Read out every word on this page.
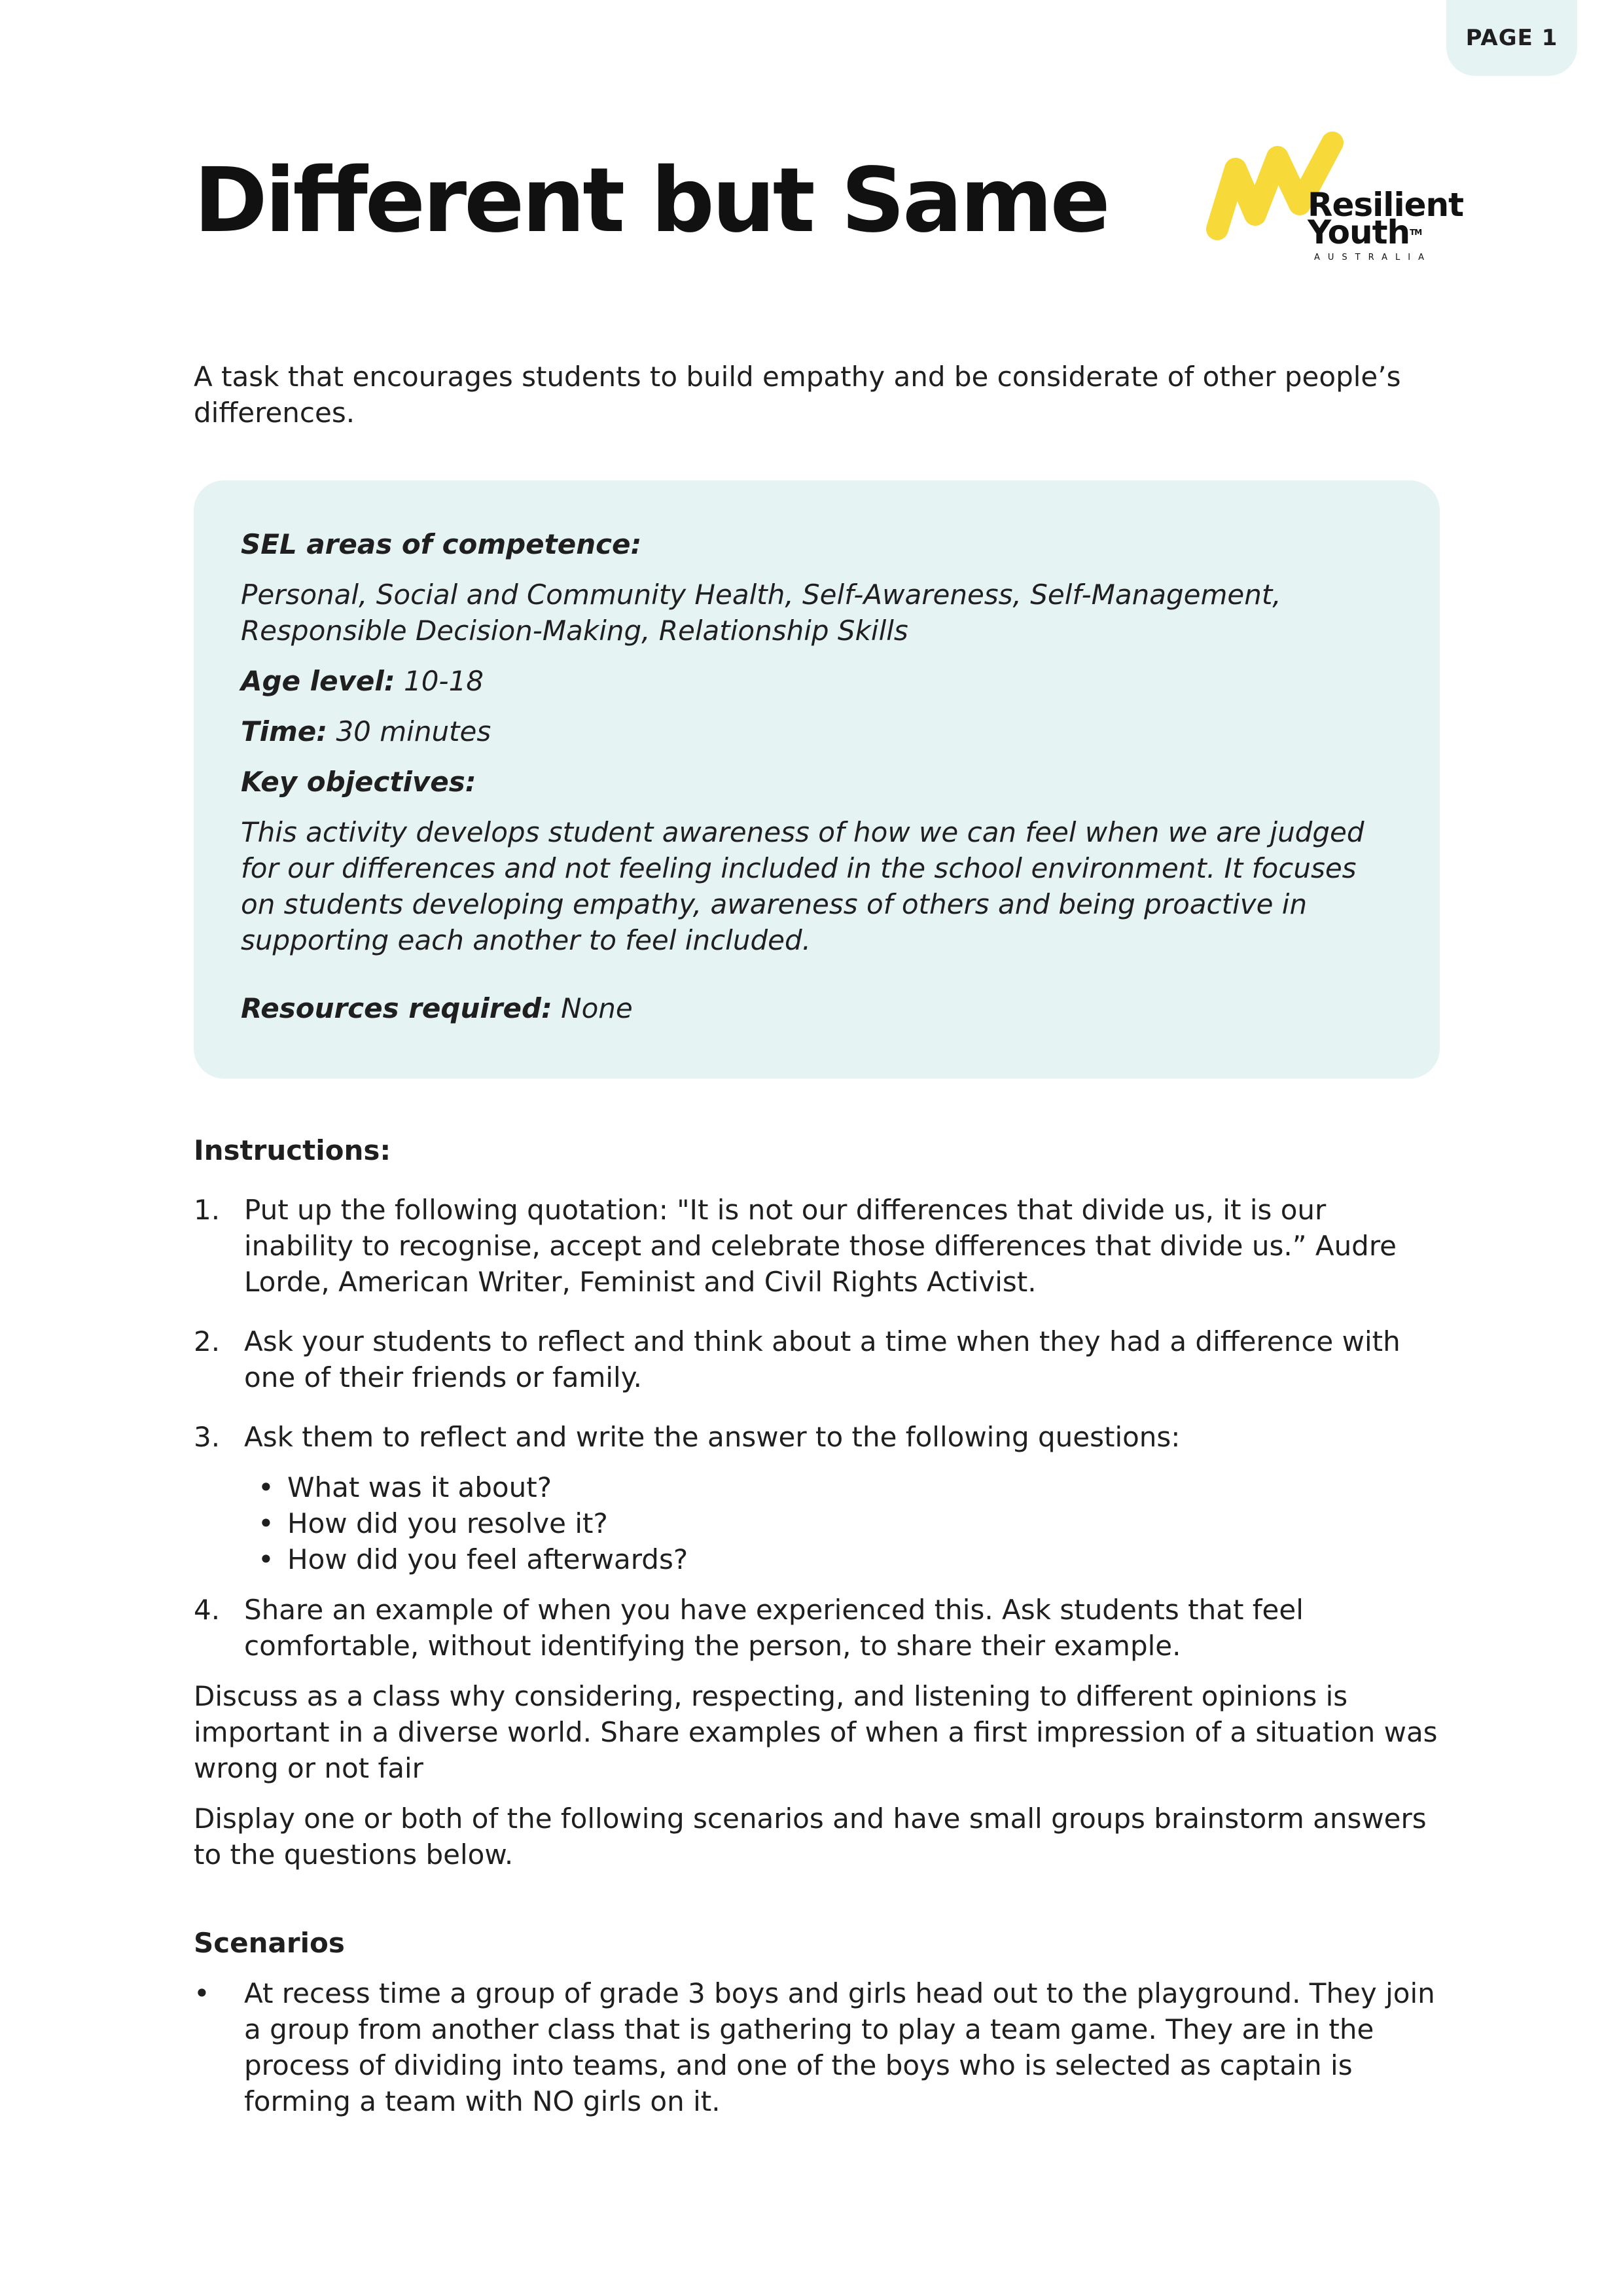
PAGE 1
Different but Same	Resilient
YouthTM
AUSTRALIA

A task that encourages students to build empathy and be considerate of other people’s differences.

SEL areas of competence:

Personal, Social and Community Health, Self-Awareness, Self-Management, Responsible Decision-Making, Relationship Skills

Age level: 10-18

Time: 30 minutes

Key objectives:

This activity develops student awareness of how we can feel when we are judged for our differences and not feeling included in the school environment. It focuses on students developing empathy, awareness of others and being proactive in supporting each another to feel included.

Resources required: None

Instructions:

1. Put up the following quotation: "It is not our differences that divide us, it is our inability to recognise, accept and celebrate those differences that divide us.” Audre Lorde, American Writer, Feminist and Civil Rights Activist.

2. Ask your students to reflect and think about a time when they had a difference with one of their friends or family.

3. Ask them to reflect and write the answer to the following questions:

• What was it about?

• How did you resolve it?

• How did you feel afterwards?

4. Share an example of when you have experienced this. Ask students that feel comfortable, without identifying the person, to share their example.

Discuss as a class why considering, respecting, and listening to different opinions is important in a diverse world. Share examples of when a first impression of a situation was wrong or not fair

Display one or both of the following scenarios and have small groups brainstorm answers to the questions below.

Scenarios

• At recess time a group of grade 3 boys and girls head out to the playground. They join a group from another class that is gathering to play a team game. They are in the process of dividing into teams, and one of the boys who is selected as captain is forming a team with NO girls on it.
